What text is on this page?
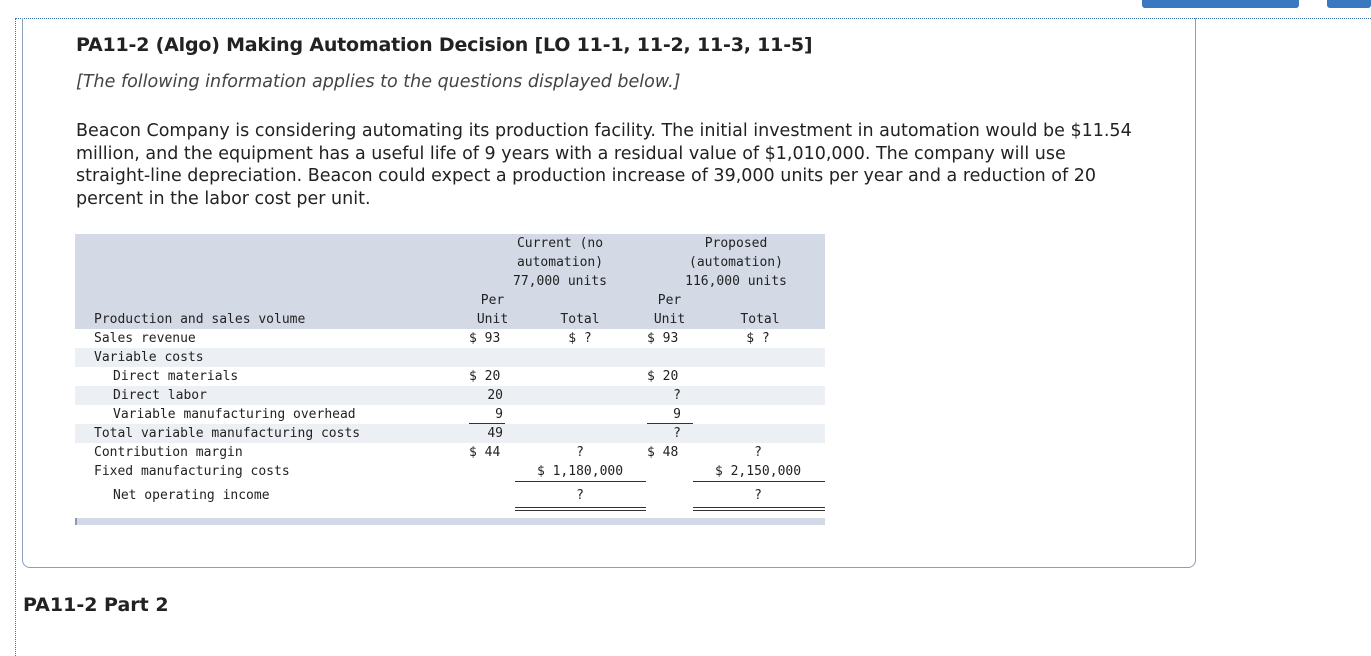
PA11-2 (Algo) Making Automation Decision [LO 11-1, 11-2, 11-3, 11-5]
[The following information applies to the questions displayed below.]
Beacon Company is considering automating its production facility. The initial investment in automation would be $11.54 million, and the equipment has a useful life of 9 years with a residual value of $1,010,000. The company will use straight-line depreciation. Beacon could expect a production increase of 39,000 units per year and a reduction of 20 percent in the labor cost per unit.
Current (no
automation)
77,000 units
Proposed
(automation)
116,000 units
Per
Unit	Total
Per
Unit	Total
Production and sales volume
Sales revenue
Variable costs
Direct materials
Direct labor
Variable manufacturing overhead
Total variable manufacturing costs
Contribution margin
Fixed manufacturing costs
Net operating income
$ 93
$ 20
20
9
49
$ 44
$ ?
?
$ 1,180,000
?
$ 93
$ 20
?
9
?
$ 48
$ ?
?
$ 2,150,000
?
PA11-2 Part 2
